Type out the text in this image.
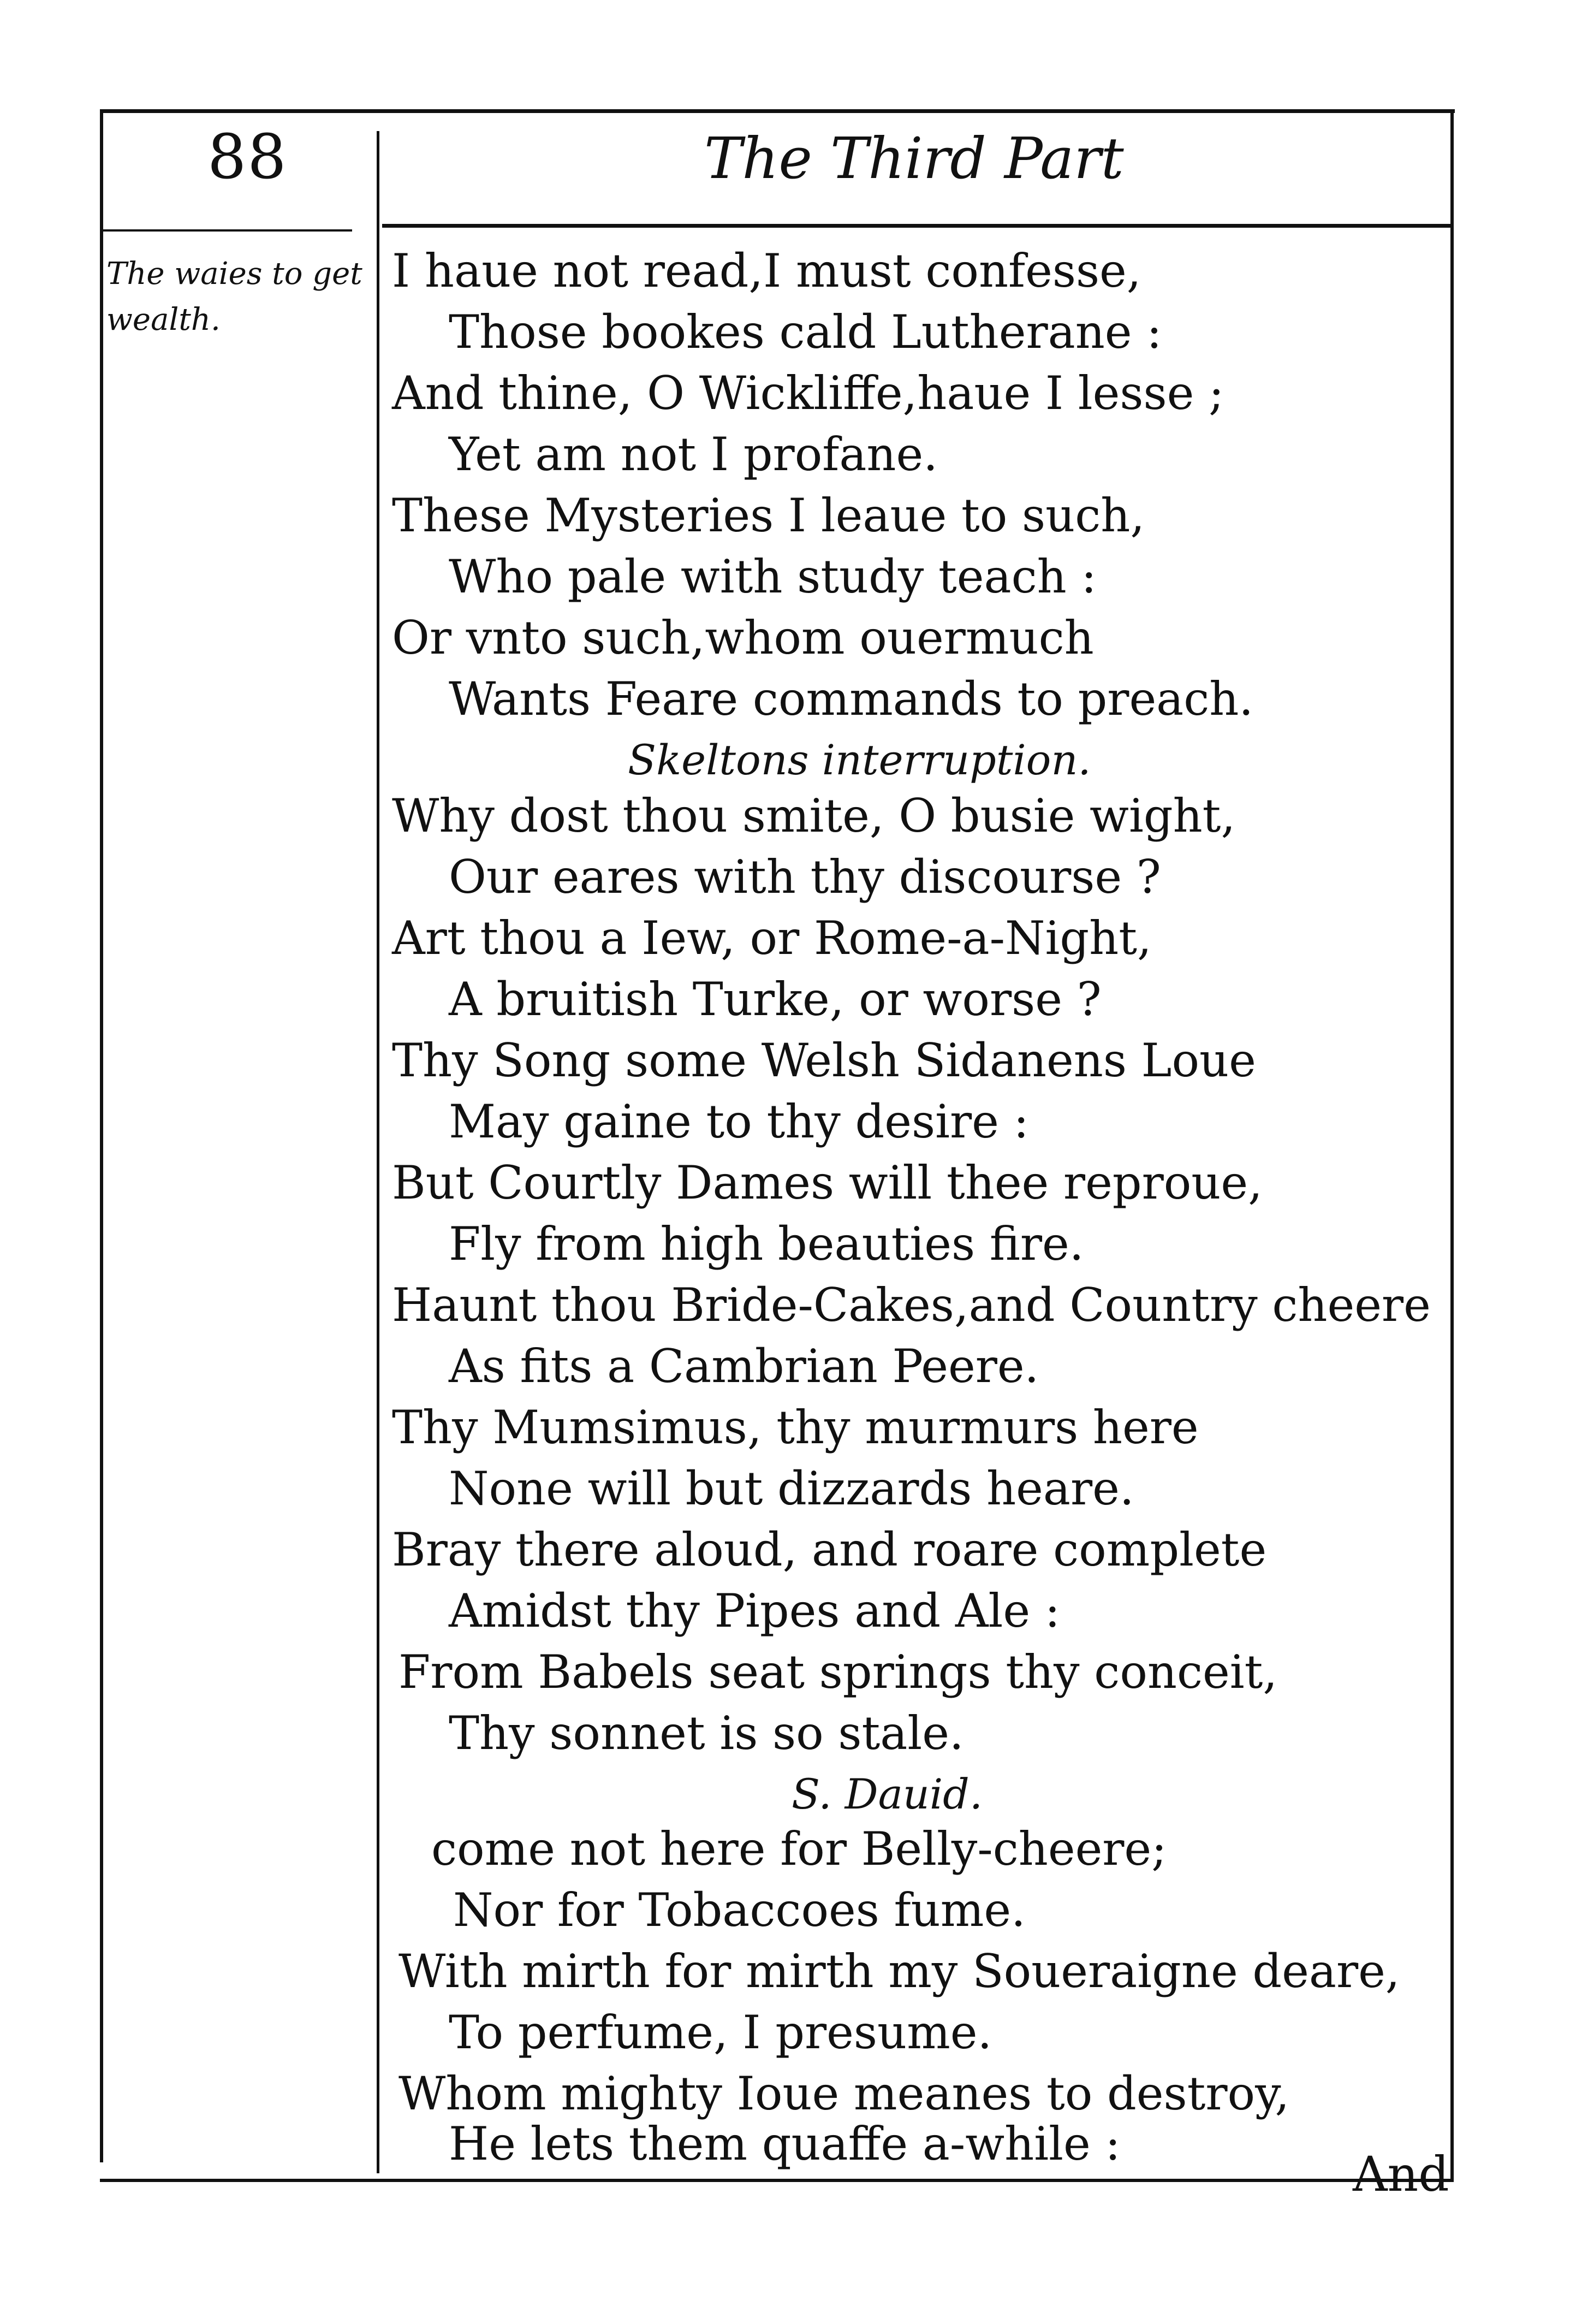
88	The Third Part
The waies to get wealth.
I haue not read,I must confesse,
Those bookes cald Lutherane :
And thine, O Wickliffe,haue I lesse ;
Yet am not I profane.
These Mysteries I leaue to such,
Who pale with study teach :
Or vnto such,whom ouermuch
Wants Feare commands to preach.
Skeltons interruption.
Why dost thou smite, O busie wight,
Our eares with thy discourse ?
Art thou a Iew, or Rome-a-Night,
A bruitish Turke, or worse ?
Thy Song some Welsh Sidanens Loue
May gaine to thy desire :
But Courtly Dames will thee reproue,
Fly from high beauties fire.
Haunt thou Bride-Cakes,and Country cheere
As fits a Cambrian Peere.
Thy Mumsimus, thy murmurs here
None will but dizzards heare.
Bray there aloud, and roare complete
Amidst thy Pipes and Ale :
From Babels seat springs thy conceit,
Thy sonnet is so stale.
S. Dauid.
come not here for Belly-cheere;
Nor for Tobaccoes fume.
With mirth for mirth my Soueraigne deare,
To perfume, I presume.
Whom mighty Ioue meanes to destroy,
He lets them quaffe a-while :
And
